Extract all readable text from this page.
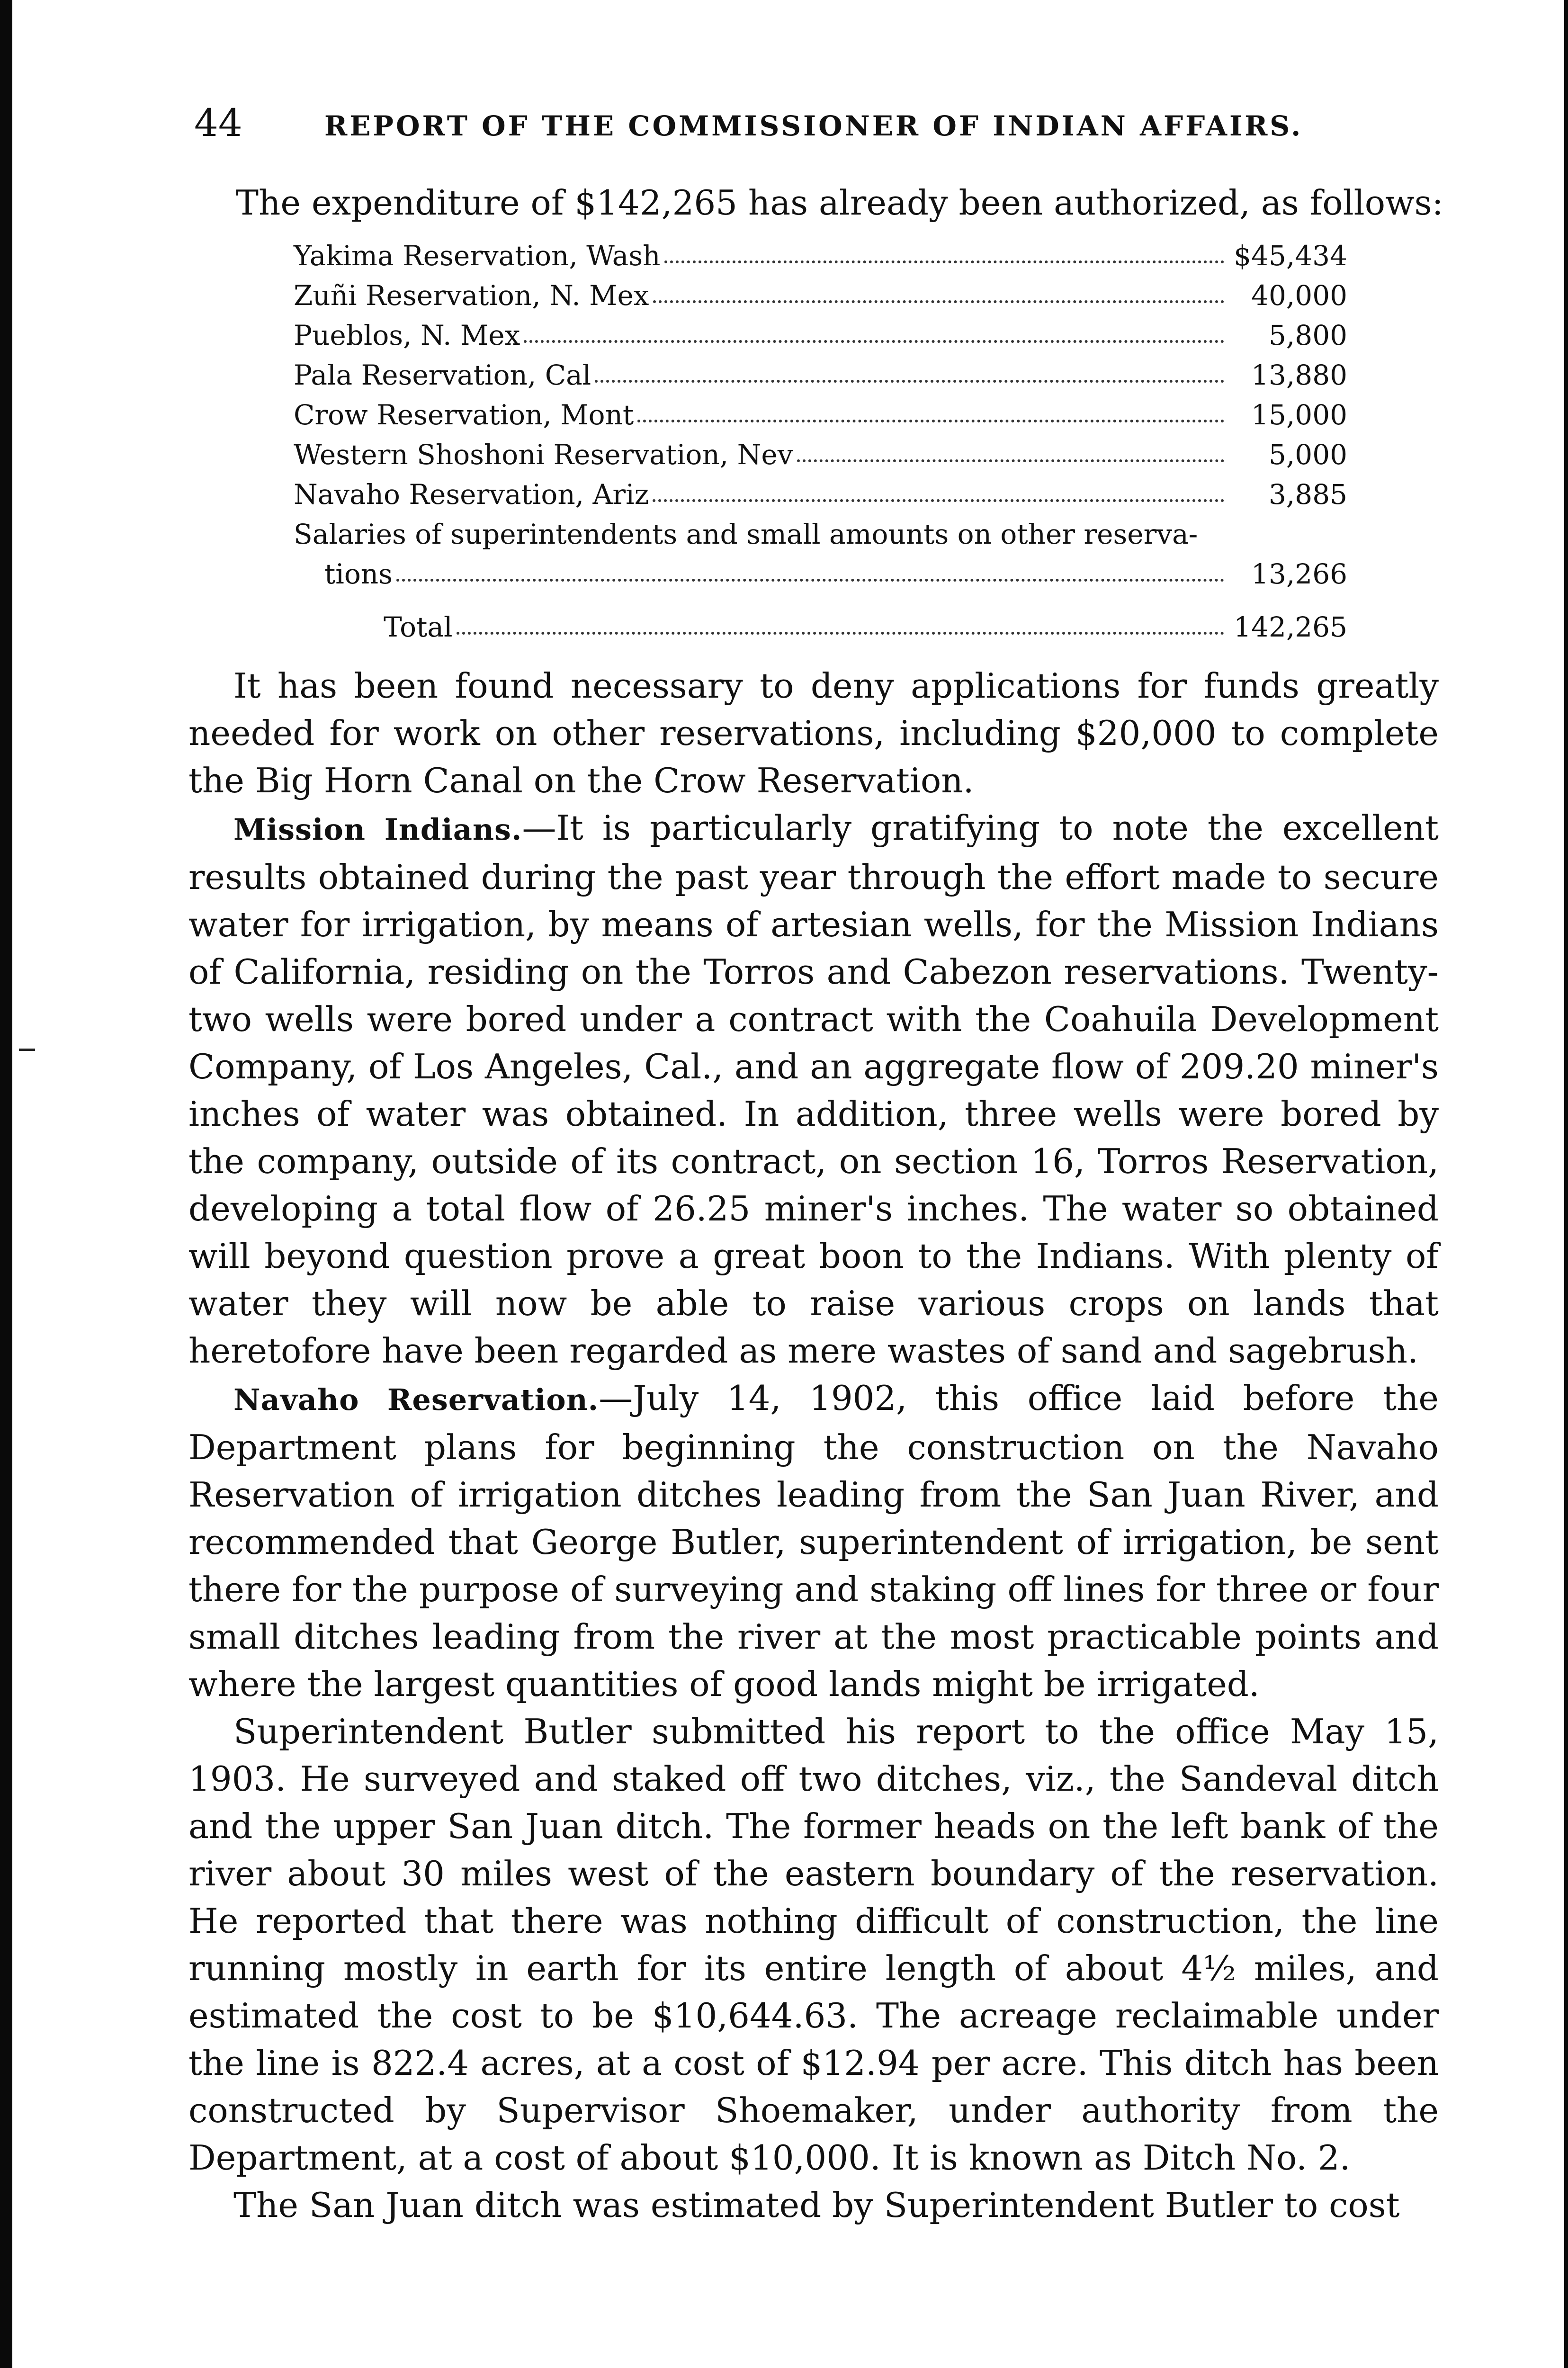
44	REPORT OF THE COMMISSIONER OF INDIAN AFFAIRS.

The expenditure of $142,265 has already been authorized, as follows:

Yakima Reservation, Wash	$45,434

Zuñi Reservation, N. Mex	40,000

Pueblos, N. Mex	5,800

Pala Reservation, Cal	13,880

Crow Reservation, Mont	15,000

Western Shoshoni Reservation, Nev	5,000

Navaho Reservation, Ariz	3,885

Salaries of superintendents and small amounts on other reserva-	

tions	13,266

Total	142,265

It has been found necessary to deny applications for funds greatly needed for work on other reservations, including $20,000 to complete the Big Horn Canal on the Crow Reservation.

Mission Indians.—It is particularly gratifying to note the excellent results obtained during the past year through the effort made to secure water for irrigation, by means of artesian wells, for the Mission Indians of California, residing on the Torros and Cabezon reservations. Twenty-two wells were bored under a contract with the Coahuila Development Company, of Los Angeles, Cal., and an aggregate flow of 209.20 miner's inches of water was obtained. In addition, three wells were bored by the company, outside of its contract, on section 16, Torros Reservation, developing a total flow of 26.25 miner's inches. The water so obtained will beyond question prove a great boon to the Indians. With plenty of water they will now be able to raise various crops on lands that heretofore have been regarded as mere wastes of sand and sagebrush.

Navaho Reservation.—July 14, 1902, this office laid before the Department plans for beginning the construction on the Navaho Reservation of irrigation ditches leading from the San Juan River, and recommended that George Butler, superintendent of irrigation, be sent there for the purpose of surveying and staking off lines for three or four small ditches leading from the river at the most practicable points and where the largest quantities of good lands might be irrigated.

Superintendent Butler submitted his report to the office May 15, 1903. He surveyed and staked off two ditches, viz., the Sandeval ditch and the upper San Juan ditch. The former heads on the left bank of the river about 30 miles west of the eastern boundary of the reservation. He reported that there was nothing difficult of construction, the line running mostly in earth for its entire length of about 4½ miles, and estimated the cost to be $10,644.63. The acreage reclaimable under the line is 822.4 acres, at a cost of $12.94 per acre. This ditch has been constructed by Supervisor Shoemaker, under authority from the Department, at a cost of about $10,000. It is known as Ditch No. 2.

The San Juan ditch was estimated by Superintendent Butler to cost
